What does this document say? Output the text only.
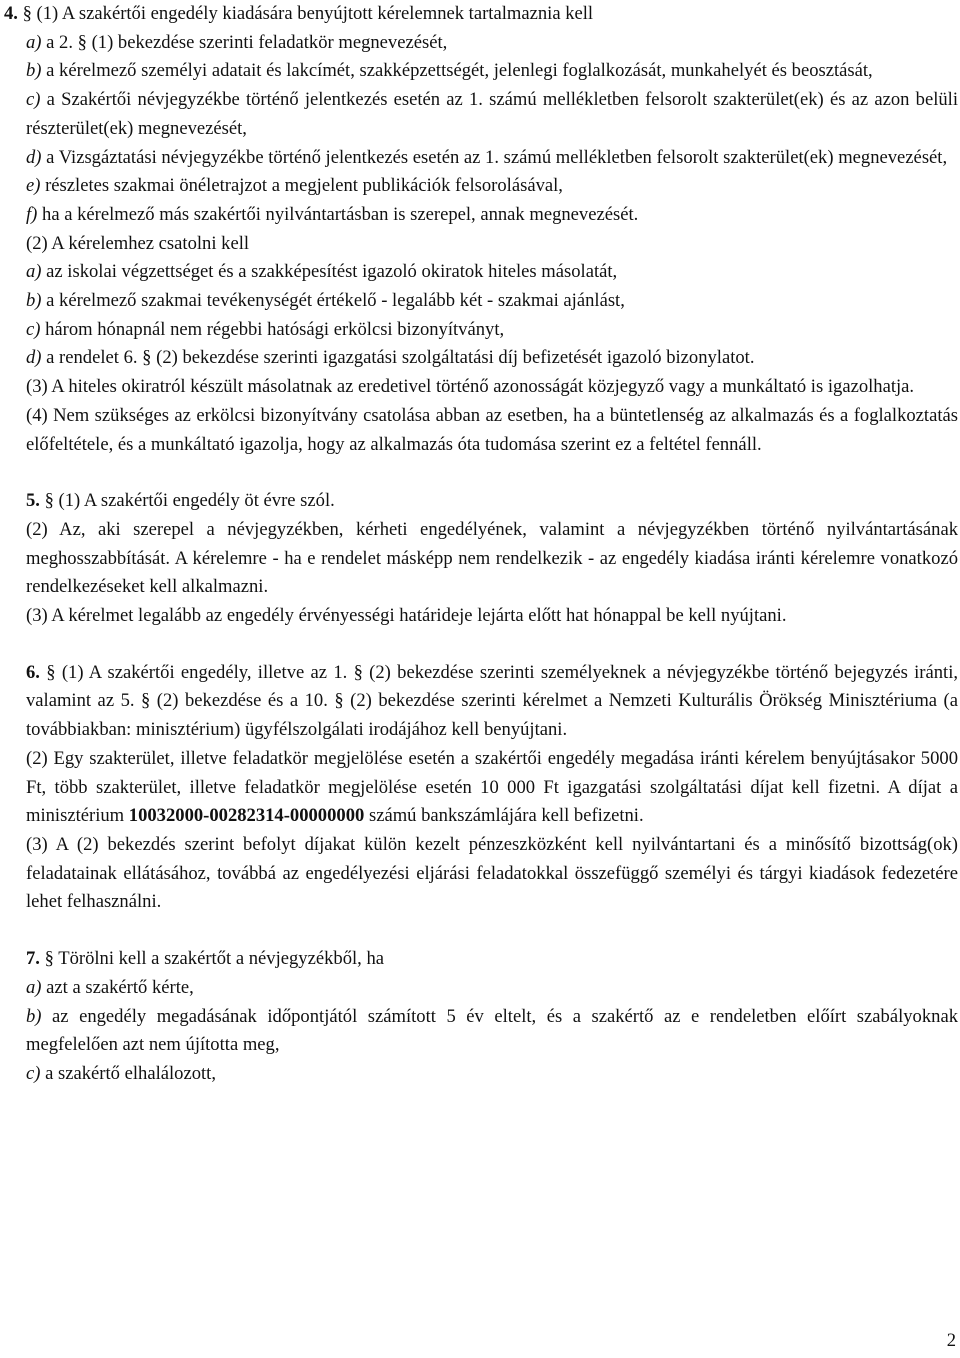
4. § (1) A szakértői engedély kiadására benyújtott kérelemnek tartalmaznia kell

a) a 2. § (1) bekezdése szerinti feladatkör megnevezését,

b) a kérelmező személyi adatait és lakcímét, szakképzettségét, jelenlegi foglalkozását, munkahelyét és beosztását,

c) a Szakértői névjegyzékbe történő jelentkezés esetén az 1. számú mellékletben felsorolt szakterület(ek) és az azon belüli részterület(ek) megnevezését,

d) a Vizsgáztatási névjegyzékbe történő jelentkezés esetén az 1. számú mellékletben felsorolt szakterület(ek) megnevezését,

e) részletes szakmai önéletrajzot a megjelent publikációk felsorolásával,

f) ha a kérelmező más szakértői nyilvántartásban is szerepel, annak megnevezését.

(2) A kérelemhez csatolni kell

a) az iskolai végzettséget és a szakképesítést igazoló okiratok hiteles másolatát,

b) a kérelmező szakmai tevékenységét értékelő - legalább két - szakmai ajánlást,

c) három hónapnál nem régebbi hatósági erkölcsi bizonyítványt,

d) a rendelet 6. § (2) bekezdése szerinti igazgatási szolgáltatási díj befizetését igazoló bizonylatot.

(3) A hiteles okiratról készült másolatnak az eredetivel történő azonosságát közjegyző vagy a munkáltató is igazolhatja.

(4) Nem szükséges az erkölcsi bizonyítvány csatolása abban az esetben, ha a büntetlenség az alkalmazás és a foglalkoztatás előfeltétele, és a munkáltató igazolja, hogy az alkalmazás óta tudomása szerint ez a feltétel fennáll.

5. § (1) A szakértői engedély öt évre szól.

(2) Az, aki szerepel a névjegyzékben, kérheti engedélyének, valamint a névjegyzékben történő nyilvántartásának meghosszabbítását. A kérelemre - ha e rendelet másképp nem rendelkezik - az engedély kiadása iránti kérelemre vonatkozó rendelkezéseket kell alkalmazni.

(3) A kérelmet legalább az engedély érvényességi határideje lejárta előtt hat hónappal be kell nyújtani.

6. § (1) A szakértői engedély, illetve az 1. § (2) bekezdése szerinti személyeknek a névjegyzékbe történő bejegyzés iránti, valamint az 5. § (2) bekezdése és a 10. § (2) bekezdése szerinti kérelmet a Nemzeti Kulturális Örökség Minisztériuma (a továbbiakban: minisztérium) ügyfélszolgálati irodájához kell benyújtani.

(2) Egy szakterület, illetve feladatkör megjelölése esetén a szakértői engedély megadása iránti kérelem benyújtásakor 5000 Ft, több szakterület, illetve feladatkör megjelölése esetén 10 000 Ft igazgatási szolgáltatási díjat kell fizetni. A díjat a minisztérium 10032000-00282314-00000000 számú bankszámlájára kell befizetni.

(3) A (2) bekezdés szerint befolyt díjakat külön kezelt pénzeszközként kell nyilvántartani és a minősítő bizottság(ok) feladatainak ellátásához, továbbá az engedélyezési eljárási feladatokkal összefüggő személyi és tárgyi kiadások fedezetére lehet felhasználni.

7. § Törölni kell a szakértőt a névjegyzékből, ha

a) azt a szakértő kérte,

b) az engedély megadásának időpontjától számított 5 év eltelt, és a szakértő az e rendeletben előírt szabályoknak megfelelően azt nem újította meg,

c) a szakértő elhalálozott,

2
